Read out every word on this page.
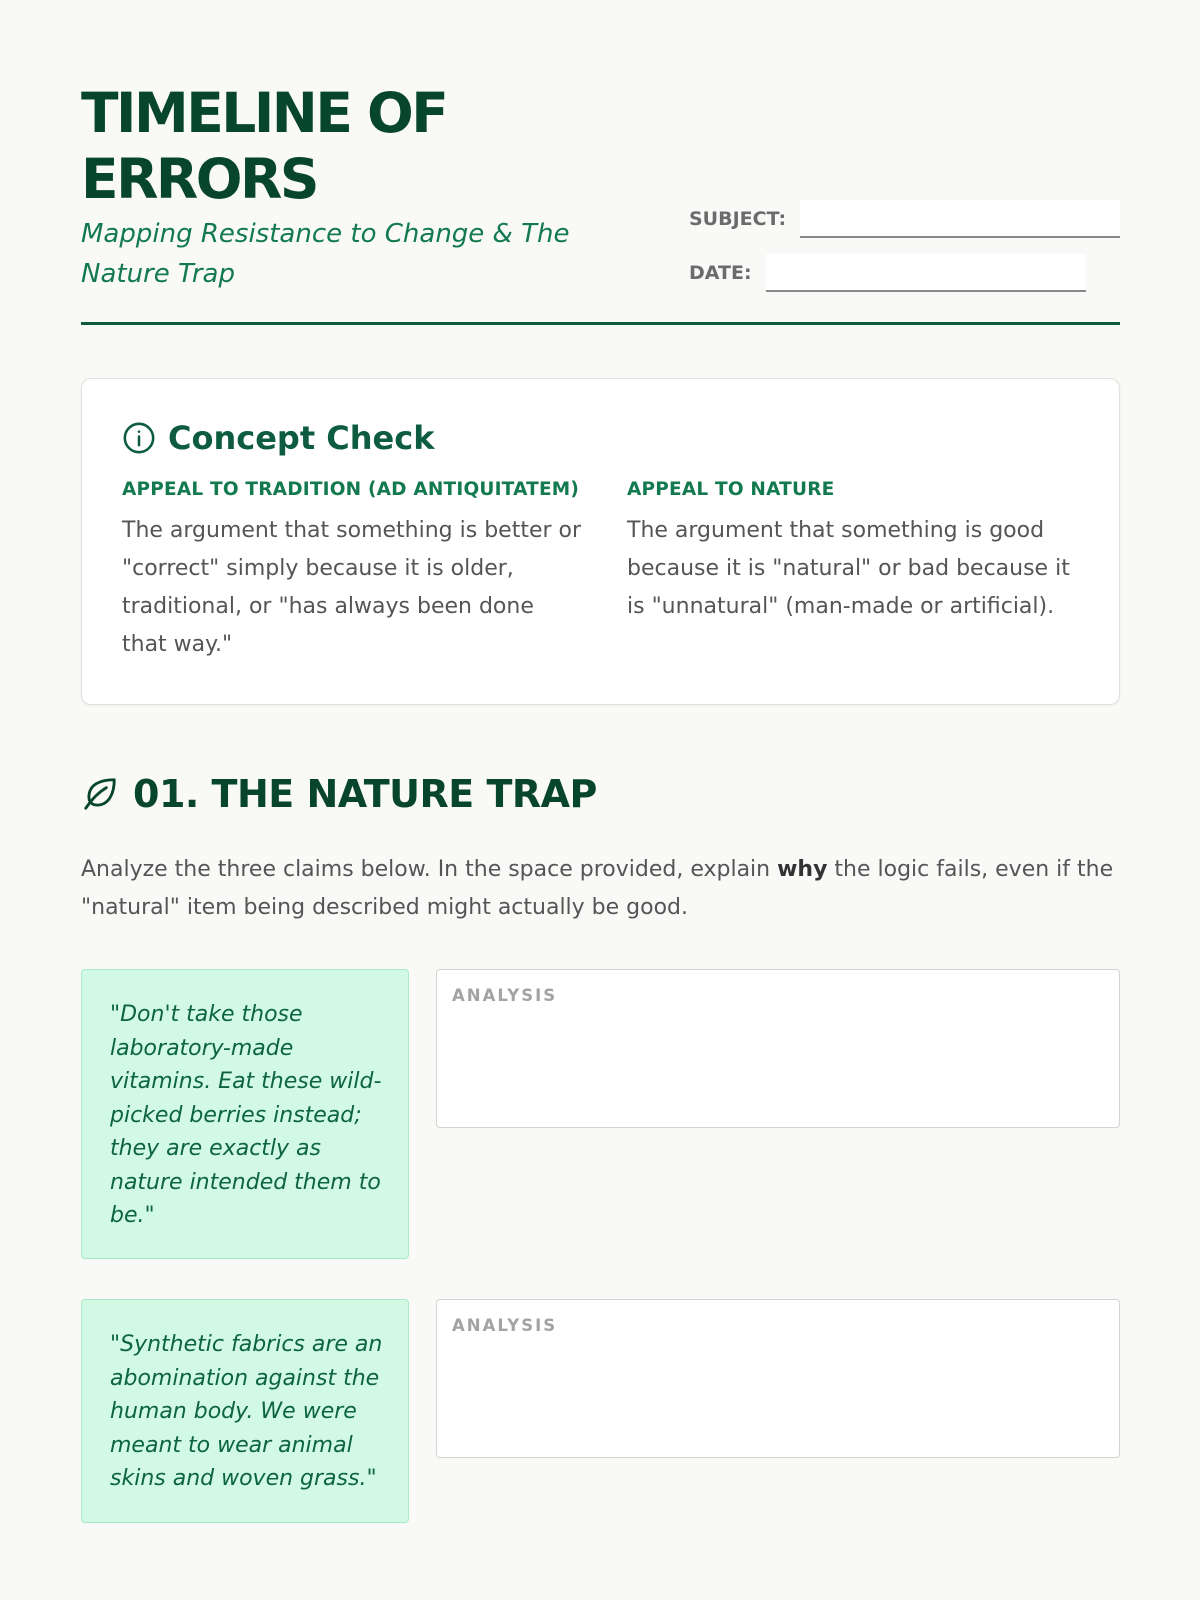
TIMELINE OF ERRORS

Mapping Resistance to Change & The Nature Trap

SUBJECT:
DATE:
Concept Check
APPEAL TO TRADITION (AD ANTIQUITATEM)
The argument that something is better or "correct" simply because it is older, traditional, or "has always been done that way."
APPEAL TO NATURE
The argument that something is good because it is "natural" or bad because it is "unnatural" (man-made or artificial).
01. THE NATURE TRAP

Analyze the three claims below. In the space provided, explain why the logic fails, even if the "natural" item being described might actually be good.

"Don't take those laboratory-made vitamins. Eat these wild-picked berries instead; they are exactly as nature intended them to be."
ANALYSIS
"Synthetic fabrics are an abomination against the human body. We were meant to wear animal skins and woven grass."
ANALYSIS
